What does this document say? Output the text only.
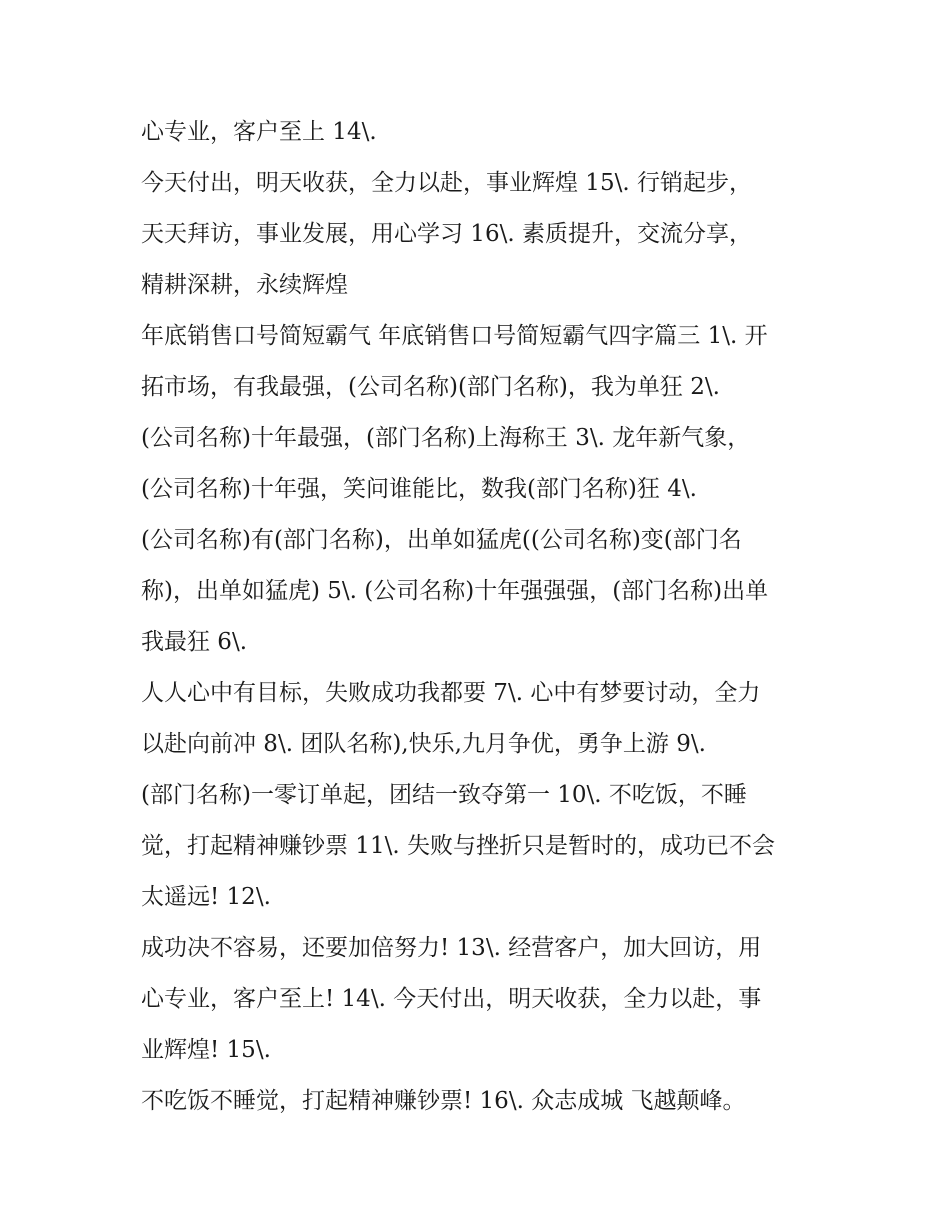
心专业，客户至上 14\.
今天付出，明天收获，全力以赴，事业辉煌 15\. 行销起步，
天天拜访，事业发展，用心学习 16\. 素质提升，交流分享，
精耕深耕，永续辉煌
年底销售口号简短霸气 年底销售口号简短霸气四字篇三 1\. 开
拓市场，有我最强，(公司名称)(部门名称)，我为单狂 2\.
(公司名称)十年最强，(部门名称)上海称王 3\. 龙年新气象，
(公司名称)十年强，笑问谁能比，数我(部门名称)狂 4\.
(公司名称)有(部门名称)，出单如猛虎((公司名称)变(部门名
称)，出单如猛虎) 5\. (公司名称)十年强强强，(部门名称)出单
我最狂 6\.
人人心中有目标，失败成功我都要 7\. 心中有梦要讨动，全力
以赴向前冲 8\. 团队名称),快乐,九月争优，勇争上游 9\.
(部门名称)一零订单起，团结一致夺第一 10\. 不吃饭，不睡
觉，打起精神赚钞票 11\. 失败与挫折只是暂时的，成功已不会
太遥远! 12\.
成功决不容易，还要加倍努力! 13\. 经营客户，加大回访，用
心专业，客户至上! 14\. 今天付出，明天收获，全力以赴，事
业辉煌! 15\.
不吃饭不睡觉，打起精神赚钞票! 16\. 众志成城 飞越颠峰。
